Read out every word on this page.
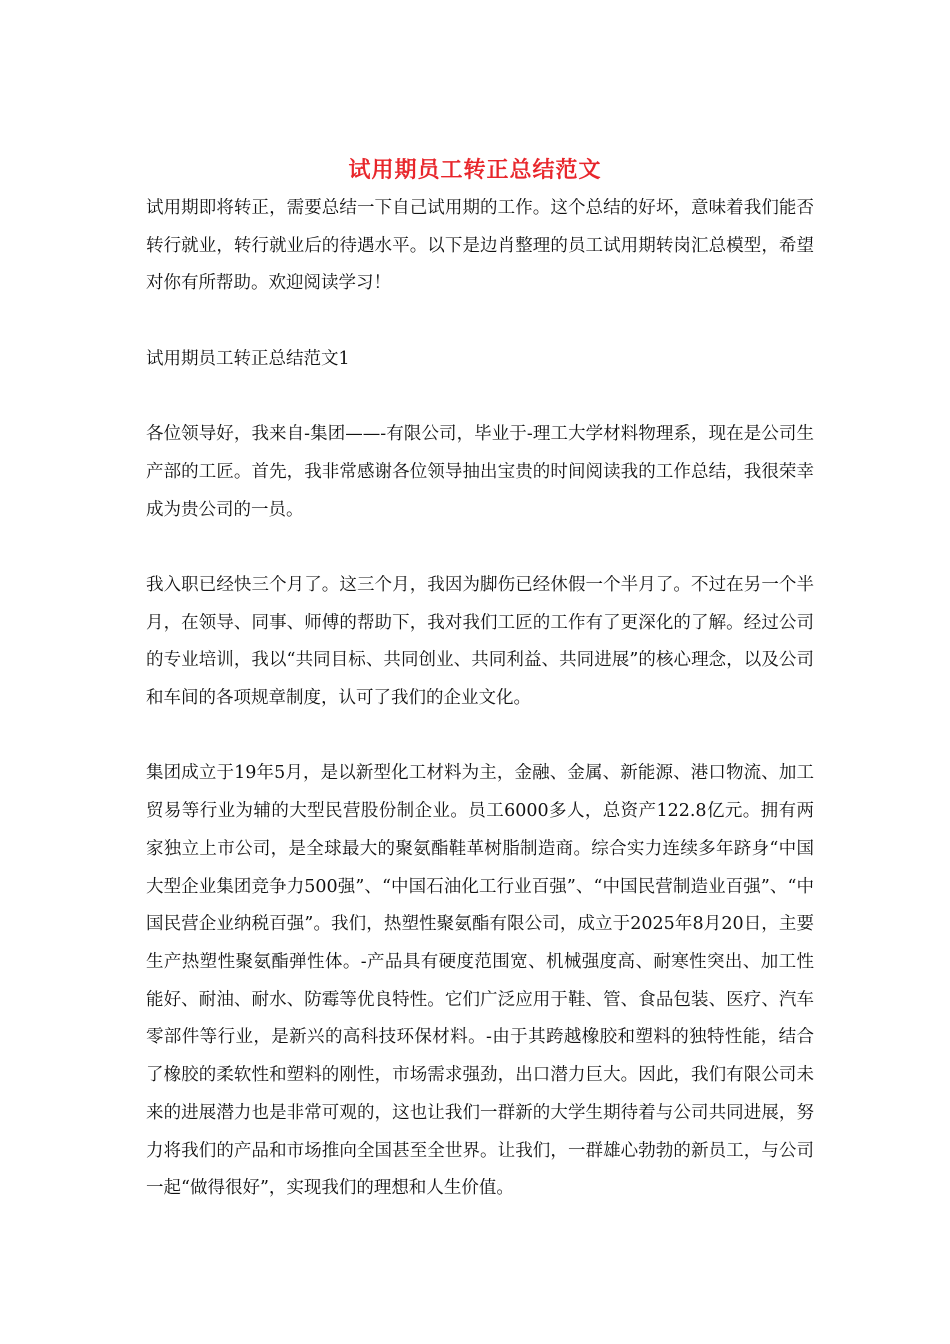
试用期员工转正总结范文

试用期即将转正，需要总结一下自己试用期的工作。这个总结的好坏，意味着我们能否转行就业，转行就业后的待遇水平。以下是边肖整理的员工试用期转岗汇总模型，希望对你有所帮助。欢迎阅读学习！

试用期员工转正总结范文1

各位领导好，我来自-集团——-有限公司，毕业于-理工大学材料物理系，现在是公司生产部的工匠。首先，我非常感谢各位领导抽出宝贵的时间阅读我的工作总结，我很荣幸成为贵公司的一员。

我入职已经快三个月了。这三个月，我因为脚伤已经休假一个半月了。不过在另一个半月，在领导、同事、师傅的帮助下，我对我们工匠的工作有了更深化的了解。经过公司的专业培训，我以“共同目标、共同创业、共同利益、共同进展”的核心理念，以及公司和车间的各项规章制度，认可了我们的企业文化。

集团成立于19年5月，是以新型化工材料为主，金融、金属、新能源、港口物流、加工贸易等行业为辅的大型民营股份制企业。员工6000多人，总资产122.8亿元。拥有两家独立上市公司，是全球最大的聚氨酯鞋革树脂制造商。综合实力连续多年跻身“中国大型企业集团竞争力500强”、“中国石油化工行业百强”、“中国民营制造业百强”、“中国民营企业纳税百强”。我们，热塑性聚氨酯有限公司，成立于2025年8月20日，主要生产热塑性聚氨酯弹性体。-产品具有硬度范围宽、机械强度高、耐寒性突出、加工性能好、耐油、耐水、防霉等优良特性。它们广泛应用于鞋、管、食品包装、医疗、汽车零部件等行业，是新兴的高科技环保材料。-由于其跨越橡胶和塑料的独特性能，结合了橡胶的柔软性和塑料的刚性，市场需求强劲，出口潜力巨大。因此，我们有限公司未来的进展潜力也是非常可观的，这也让我们一群新的大学生期待着与公司共同进展，努力将我们的产品和市场推向全国甚至全世界。让我们，一群雄心勃勃的新员工，与公司一起“做得很好”，实现我们的理想和人生价值。
